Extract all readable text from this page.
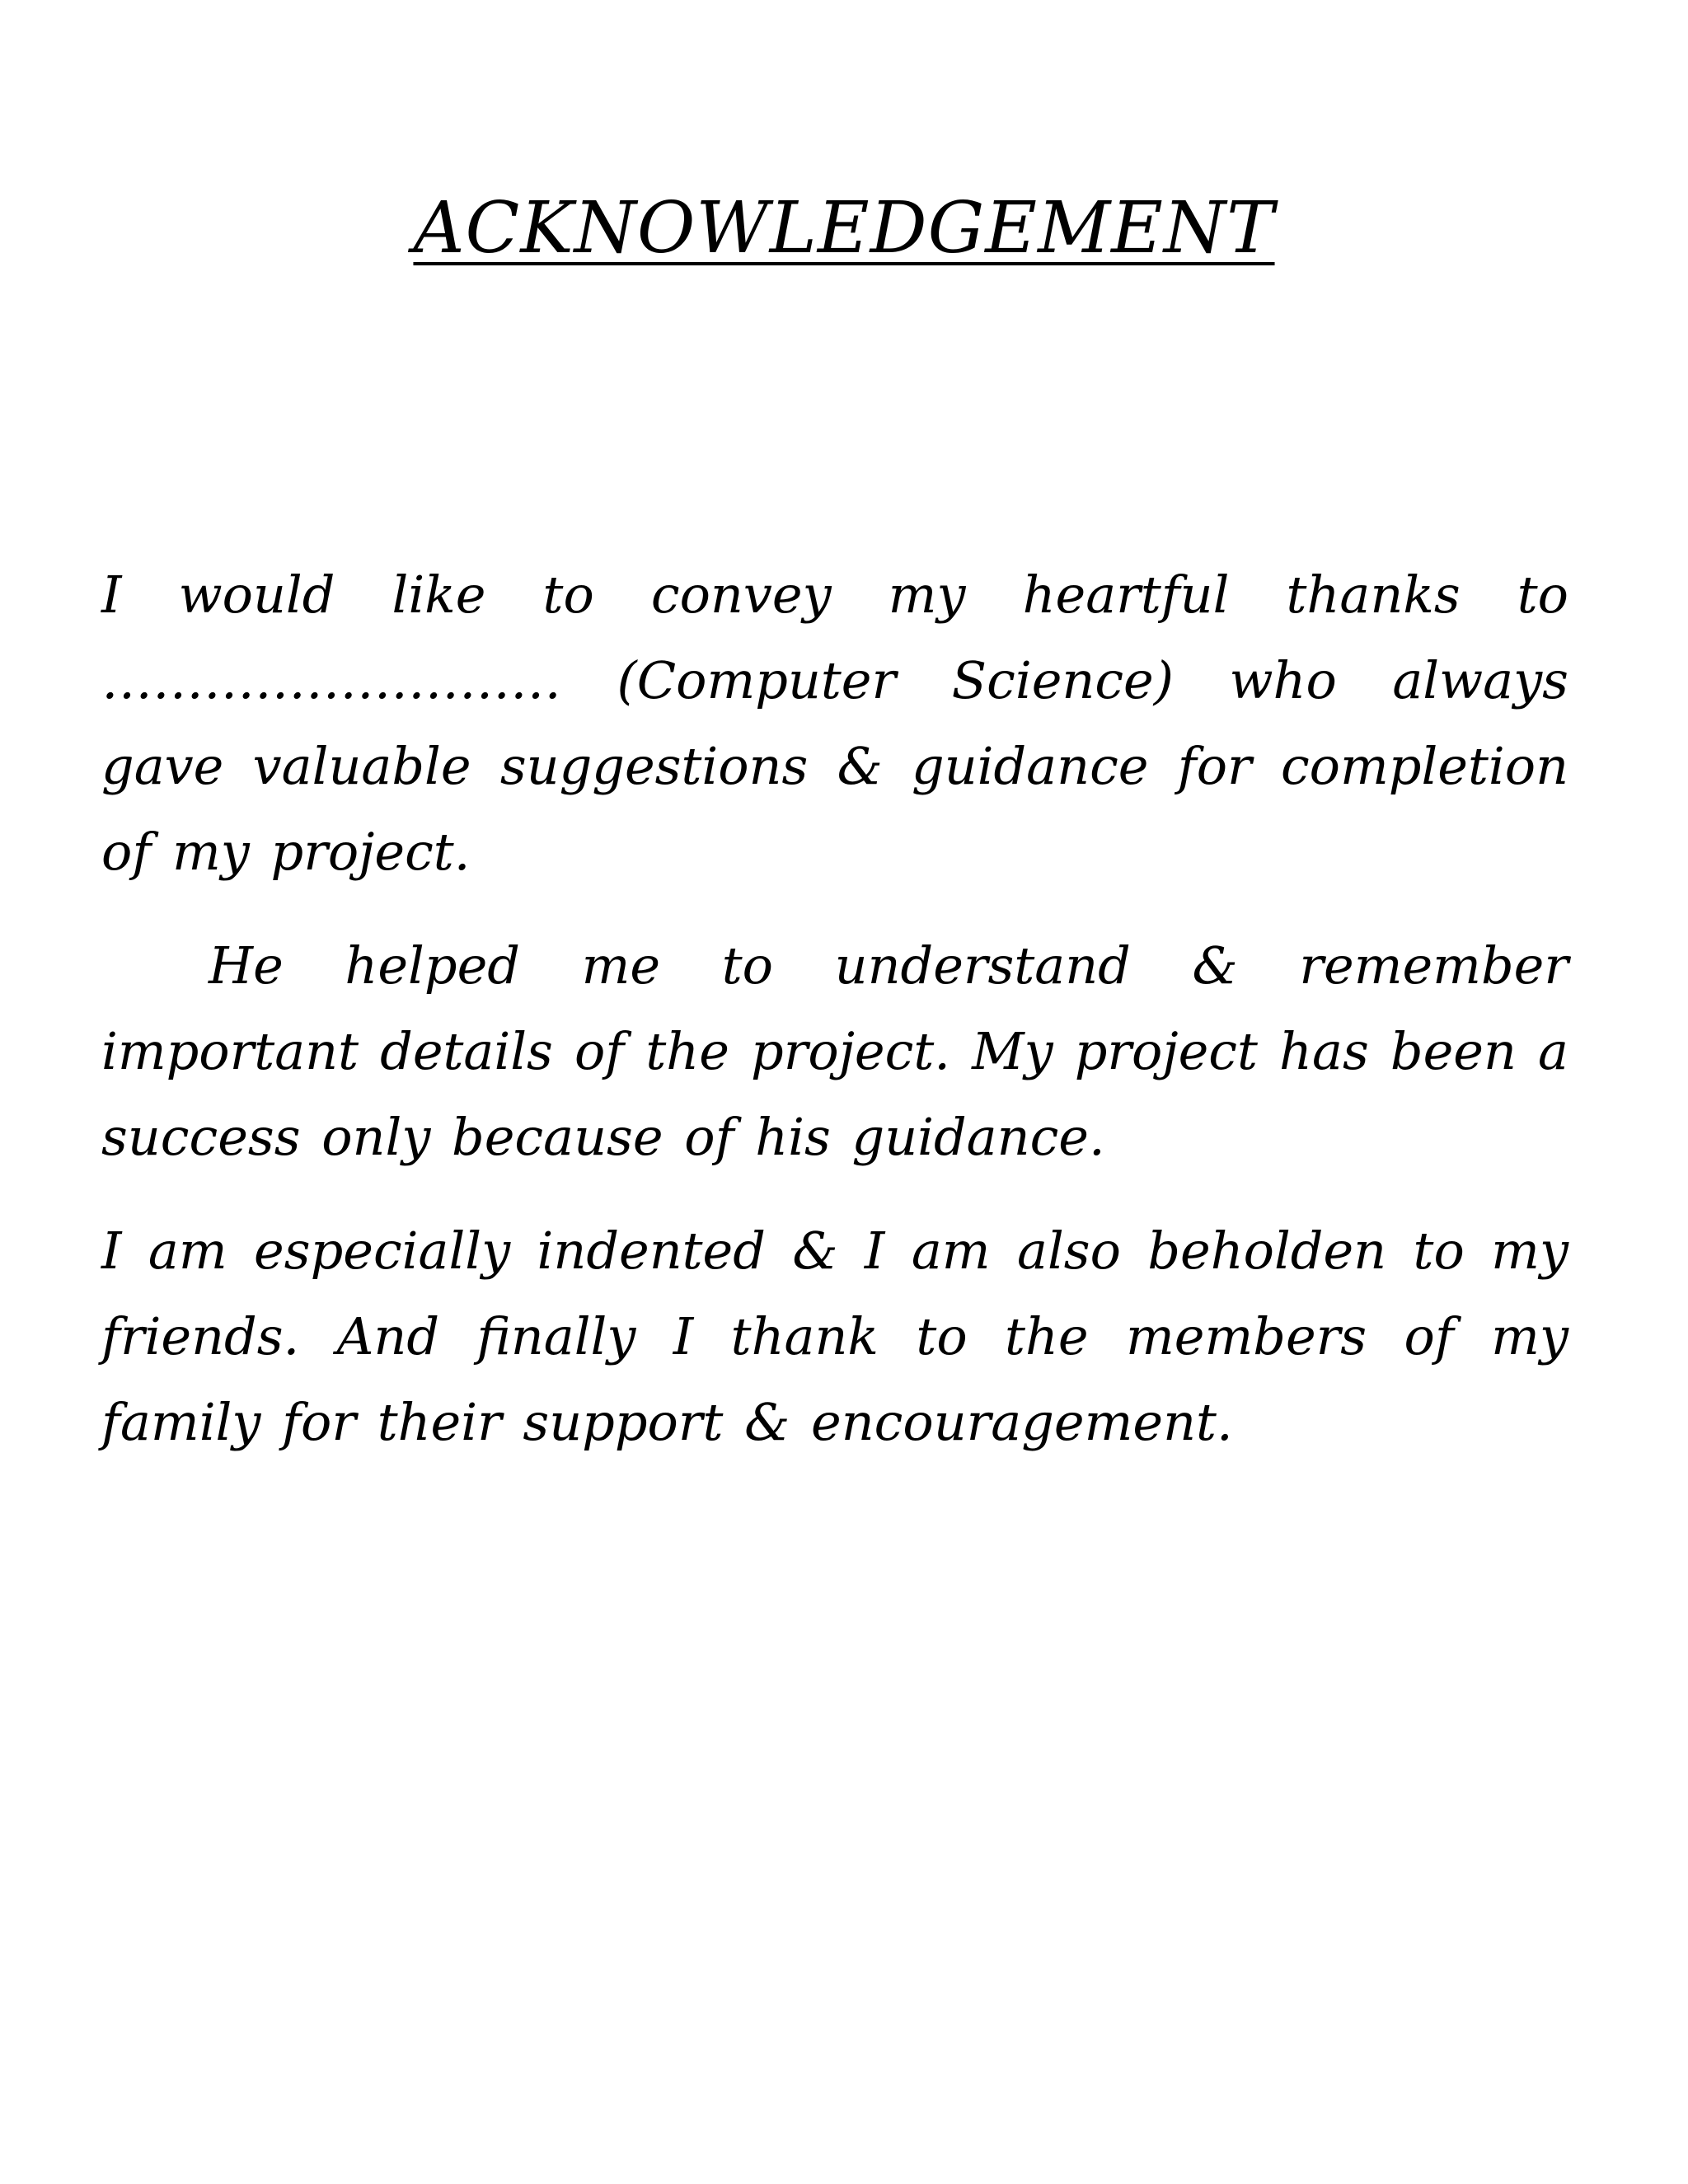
ACKNOWLEDGEMENT

I would like to convey my heartful thanks to ……………………… (Computer Science) who always gave valuable suggestions & guidance for completion of my project.

He helped me to understand & remember important details of the project. My project has been a success only because of his guidance.

I am especially indented & I am also beholden to my friends. And finally I thank to the members of my family for their support & encouragement.
